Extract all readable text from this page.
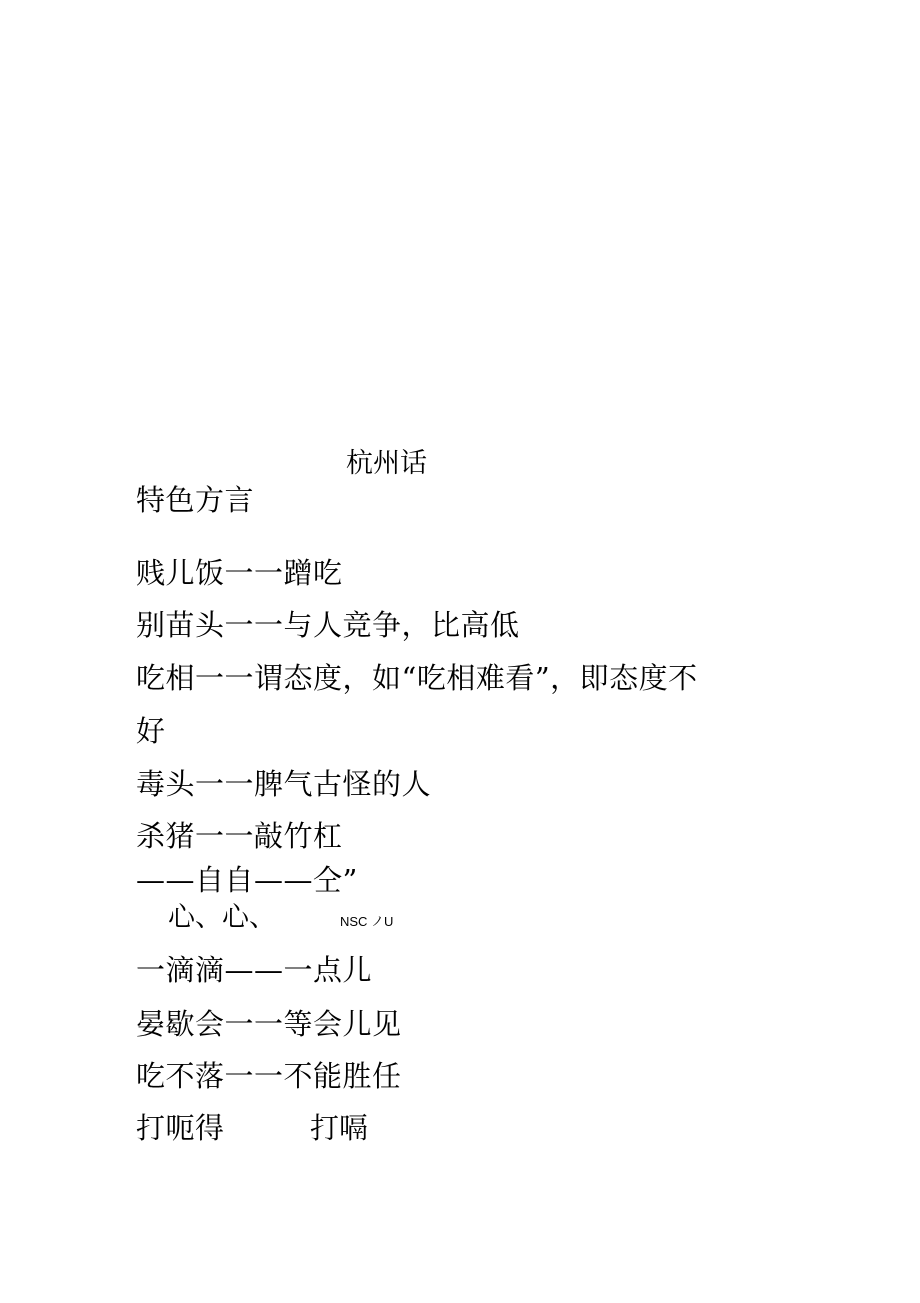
杭州话
特色方言
贱儿饭一一蹭吃
别苗头一一与人竞争，比高低
吃相一一谓态度，如“吃相难看”，即态度不
好
毒头一一脾气古怪的人
杀猪一一敲竹杠
——自自——仝”
心、心、	NSC ノU
一滴滴——一点儿
晏歇会一一等会儿见
吃不落一一不能胜任
打呃得	打嗝
